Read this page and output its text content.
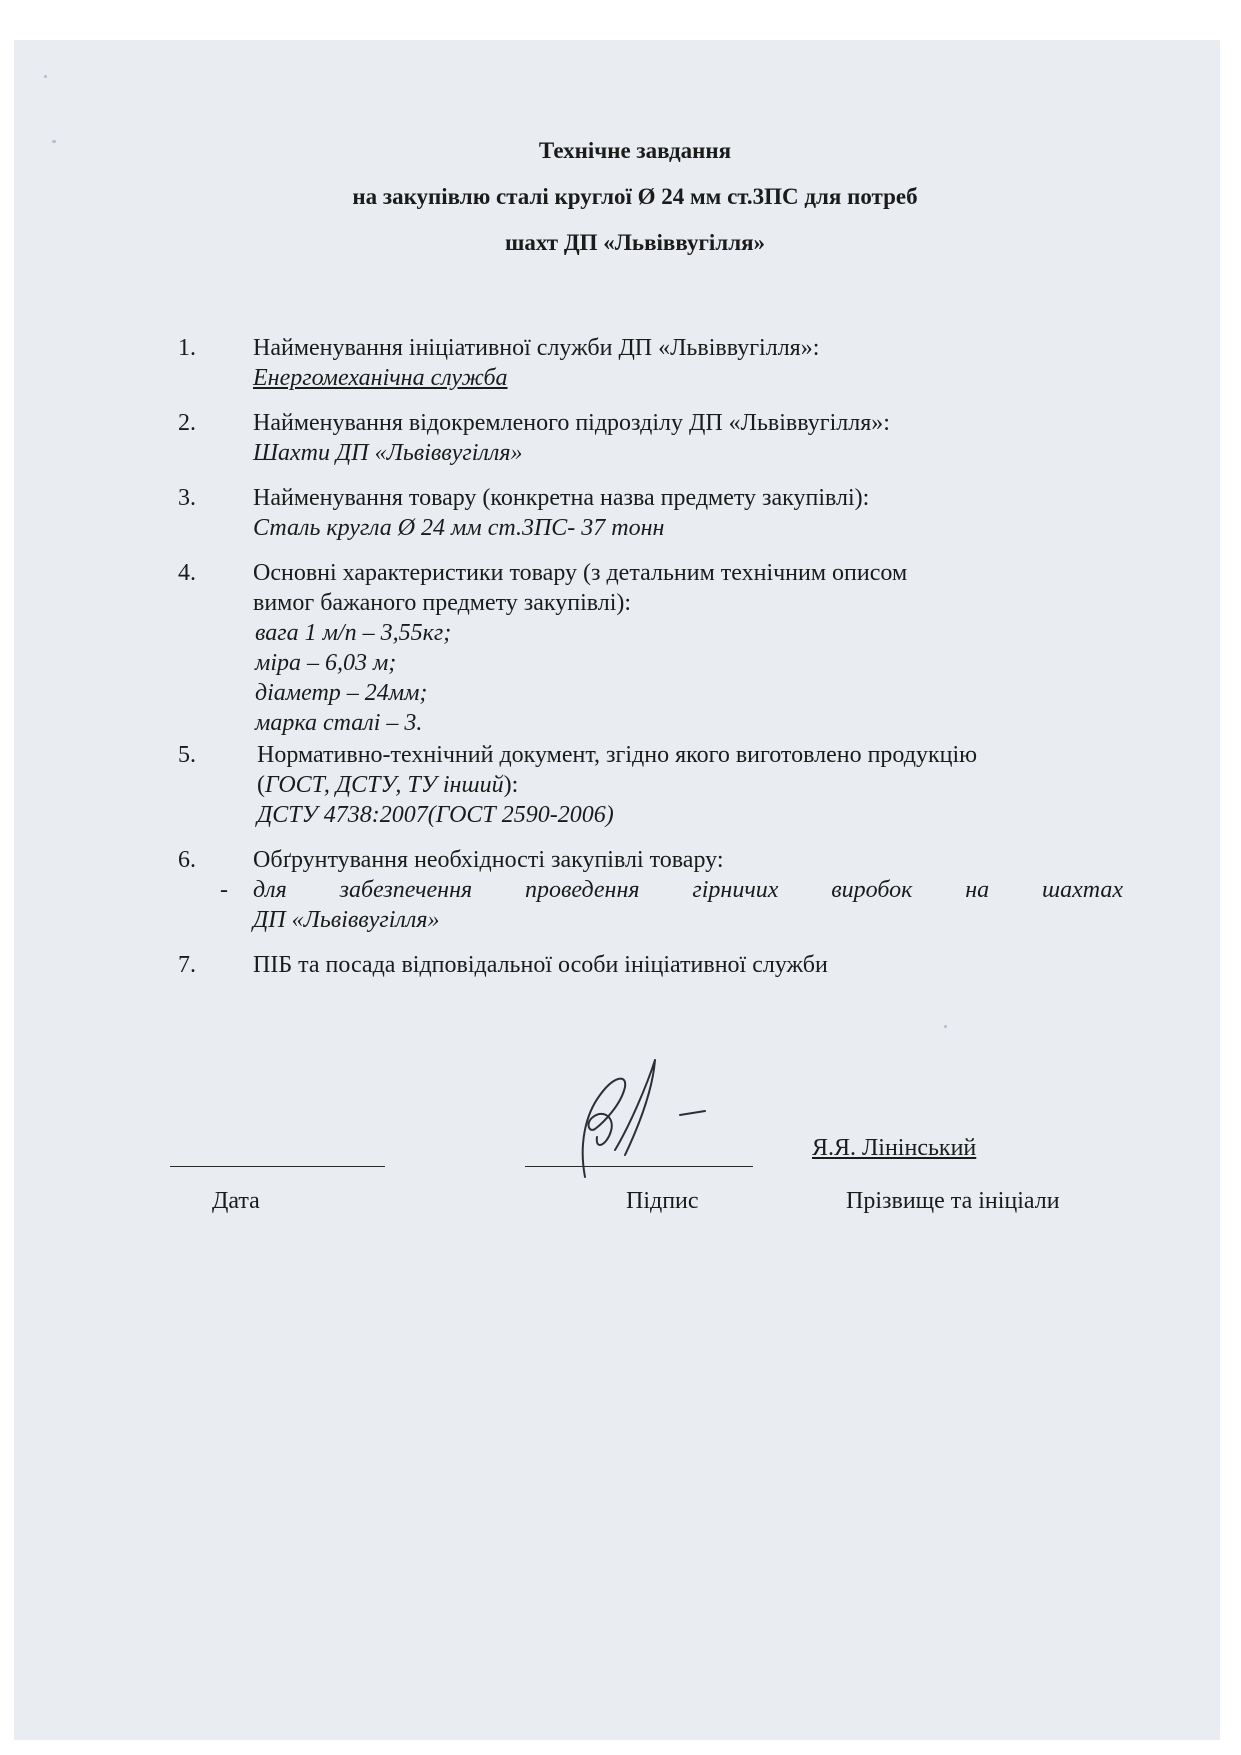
Технічне завдання
на закупівлю сталі круглої Ø 24 мм ст.3ПС для потреб
шахт ДП «Львіввугілля»
1. Найменування ініціативної служби ДП «Львіввугілля»:
Енергомеханічна служба
2. Найменування відокремленого підрозділу ДП «Львіввугілля»:
Шахти ДП «Львіввугілля»
3. Найменування товару (конкретна назва предмету закупівлі):
Сталь кругла Ø 24 мм ст.3ПС- 37 тонн
4. Основні характеристики товару (з детальним технічним описом
вимог бажаного предмету закупівлі):
вага 1 м/п – 3,55кг;
міра – 6,03 м;
діаметр – 24мм;
марка сталі – 3.
5.	Нормативно-технічний документ, згідно якого виготовлено продукцію
(ГОСТ, ДСТУ, ТУ інший):
ДСТУ 4738:2007(ГОСТ 2590-2006)
6. Обґрунтування необхідності закупівлі товару:
- для забезпечення проведення гірничих виробок на шахтах
ДП «Львіввугілля»
7. ПІБ та посада відповідальної особи ініціативної служби
Я.Я. Лінінський
Дата	Підпис	Прізвище та ініціали
